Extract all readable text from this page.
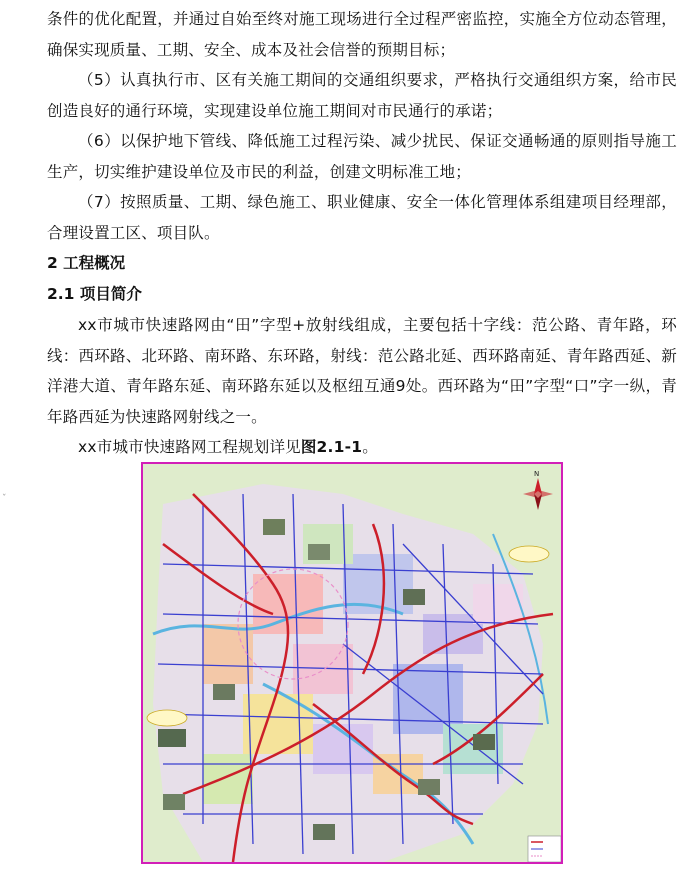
条件的优化配置，并通过自始至终对施工现场进行全过程严密监控，实施全方位动态管理，确保实现质量、工期、安全、成本及社会信誉的预期目标；

（5）认真执行市、区有关施工期间的交通组织要求，严格执行交通组织方案，给市民创造良好的通行环境，实现建设单位施工期间对市民通行的承诺；

（6）以保护地下管线、降低施工过程污染、减少扰民、保证交通畅通的原则指导施工生产，切实维护建设单位及市民的利益，创建文明标准工地；

（7）按照质量、工期、绿色施工、职业健康、安全一体化管理体系组建项目经理部，合理设置工区、项目队。

2 工程概况
2.1 项目简介

xx市城市快速路网由“田”字型+放射线组成，主要包括十字线：范公路、青年路，环线：西环路、北环路、南环路、东环路，射线：范公路北延、西环路南延、青年路西延、新洋港大道、青年路东延、南环路东延以及枢纽互通9处。西环路为“田”字型“口”字一纵，青年路西延为快速路网射线之一。

xx市城市快速路网工程规划详见图2.1-1。

ˇ
N
